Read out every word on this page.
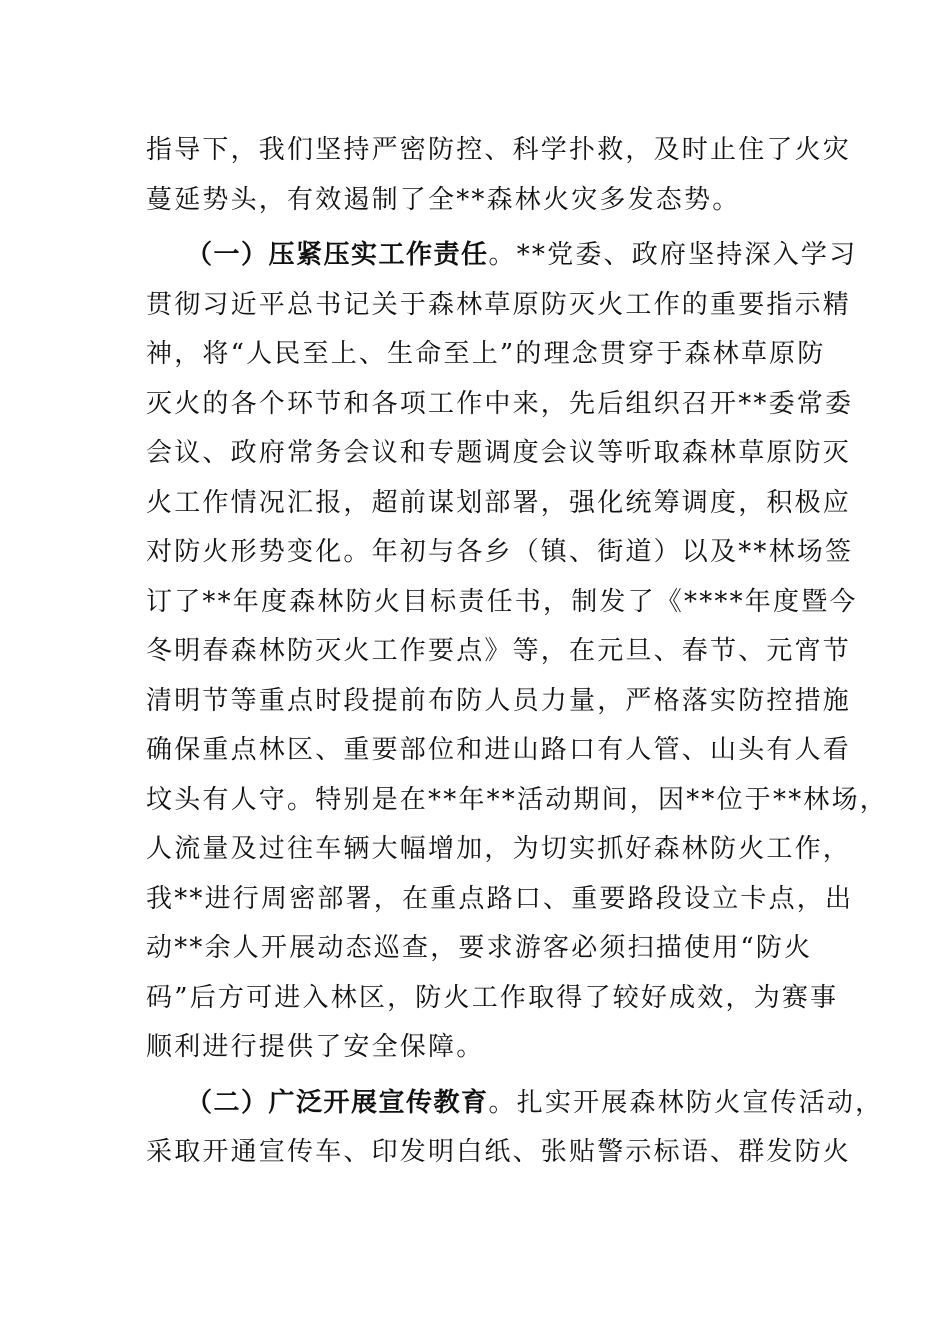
指导下，我们坚持严密防控、科学扑救，及时止住了火灾
蔓延势头，有效遏制了全**森林火灾多发态势。
（一）压紧压实工作责任。**党委、政府坚持深入学习
贯彻习近平总书记关于森林草原防灭火工作的重要指示精
神，将“人民至上、生命至上”的理念贯穿于森林草原防
灭火的各个环节和各项工作中来，先后组织召开**委常委
会议、政府常务会议和专题调度会议等听取森林草原防灭
火工作情况汇报，超前谋划部署，强化统筹调度，积极应
对防火形势变化。年初与各乡（镇、街道）以及**林场签
订了**年度森林防火目标责任书，制发了《****年度暨今
冬明春森林防灭火工作要点》等，在元旦、春节、元宵节
清明节等重点时段提前布防人员力量，严格落实防控措施
确保重点林区、重要部位和进山路口有人管、山头有人看
坟头有人守。特别是在**年**活动期间，因**位于**林场，
人流量及过往车辆大幅增加，为切实抓好森林防火工作，
我**进行周密部署，在重点路口、重要路段设立卡点，出
动**余人开展动态巡查，要求游客必须扫描使用“防火
码”后方可进入林区，防火工作取得了较好成效，为赛事
顺利进行提供了安全保障。
（二）广泛开展宣传教育。扎实开展森林防火宣传活动，
采取开通宣传车、印发明白纸、张贴警示标语、群发防火
